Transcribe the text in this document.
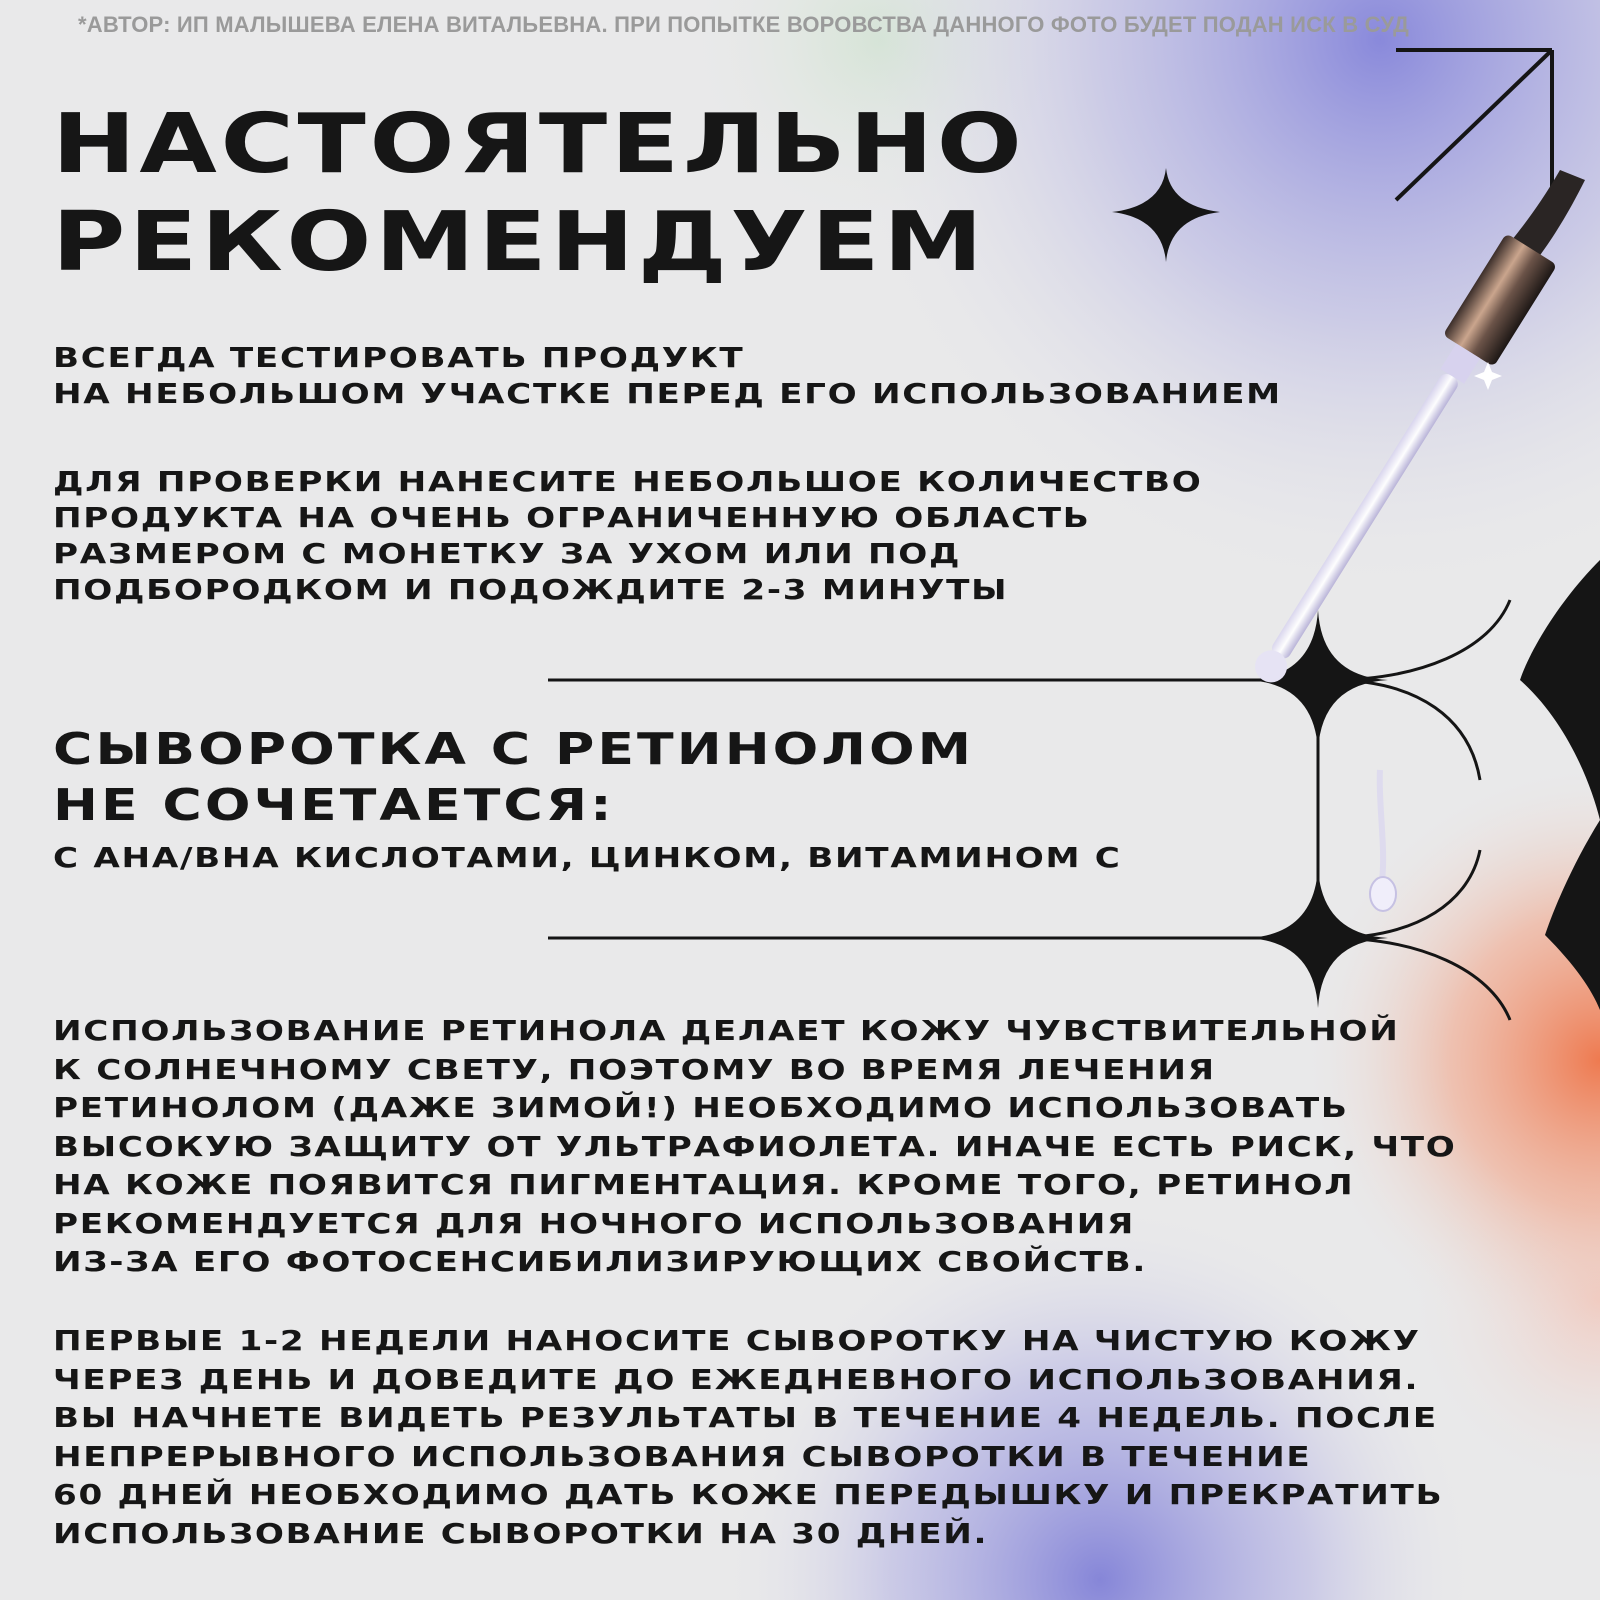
*АВТОР: ИП МАЛЫШЕВА ЕЛЕНА ВИТАЛЬЕВНА. ПРИ ПОПЫТКЕ ВОРОВСТВА ДАННОГО ФОТО БУДЕТ ПОДАН ИСК В СУД
НАСТОЯТЕЛЬНО
РЕКОМЕНДУЕМ
ВСЕГДА ТЕСТИРОВАТЬ ПРОДУКТ
НА НЕБОЛЬШОМ УЧАСТКЕ ПЕРЕД ЕГО ИСПОЛЬЗОВАНИЕМ
ДЛЯ ПРОВЕРКИ НАНЕСИТЕ НЕБОЛЬШОЕ КОЛИЧЕСТВО
ПРОДУКТА НА ОЧЕНЬ ОГРАНИЧЕННУЮ ОБЛАСТЬ
РАЗМЕРОМ С МОНЕТКУ ЗА УХОМ ИЛИ ПОД
ПОДБОРОДКОМ И ПОДОЖДИТЕ 2-3 МИНУТЫ
СЫВОРОТКА С РЕТИНОЛОМ
НЕ СОЧЕТАЕТСЯ:
С AHA/BHA КИСЛОТАМИ, ЦИНКОМ, ВИТАМИНОМ C
ИСПОЛЬЗОВАНИЕ РЕТИНОЛА ДЕЛАЕТ КОЖУ ЧУВСТВИТЕЛЬНОЙ
К СОЛНЕЧНОМУ СВЕТУ, ПОЭТОМУ ВО ВРЕМЯ ЛЕЧЕНИЯ
РЕТИНОЛОМ (ДАЖЕ ЗИМОЙ!) НЕОБХОДИМО ИСПОЛЬЗОВАТЬ
ВЫСОКУЮ ЗАЩИТУ ОТ УЛЬТРАФИОЛЕТА. ИНАЧЕ ЕСТЬ РИСК, ЧТО
НА КОЖЕ ПОЯВИТСЯ ПИГМЕНТАЦИЯ. КРОМЕ ТОГО, РЕТИНОЛ
РЕКОМЕНДУЕТСЯ ДЛЯ НОЧНОГО ИСПОЛЬЗОВАНИЯ
ИЗ-ЗА ЕГО ФОТОСЕНСИБИЛИЗИРУЮЩИХ СВОЙСТВ.
ПЕРВЫЕ 1-2 НЕДЕЛИ НАНОСИТЕ СЫВОРОТКУ НА ЧИСТУЮ КОЖУ
ЧЕРЕЗ ДЕНЬ И ДОВЕДИТЕ ДО ЕЖЕДНЕВНОГО ИСПОЛЬЗОВАНИЯ.
ВЫ НАЧНЕТЕ ВИДЕТЬ РЕЗУЛЬТАТЫ В ТЕЧЕНИЕ 4 НЕДЕЛЬ. ПОСЛЕ
НЕПРЕРЫВНОГО ИСПОЛЬЗОВАНИЯ СЫВОРОТКИ В ТЕЧЕНИЕ
60 ДНЕЙ НЕОБХОДИМО ДАТЬ КОЖЕ ПЕРЕДЫШКУ И ПРЕКРАТИТЬ
ИСПОЛЬЗОВАНИЕ СЫВОРОТКИ НА 30 ДНЕЙ.
